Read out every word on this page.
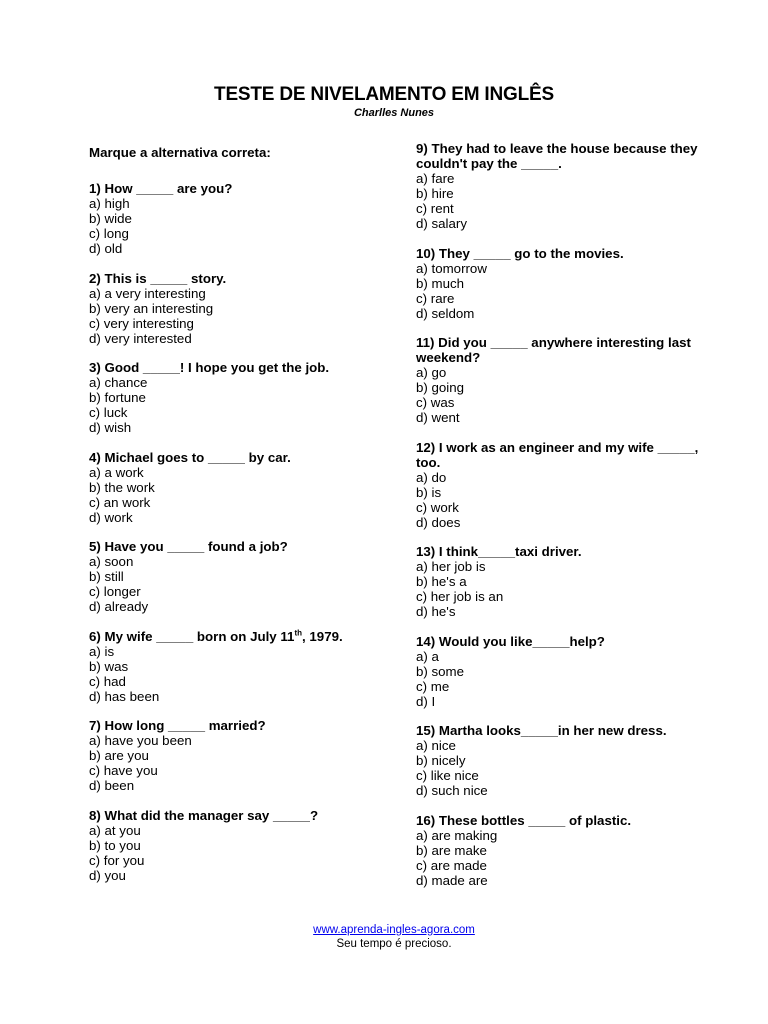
TESTE DE NIVELAMENTO EM INGLÊS

Charlles Nunes

Marque a alternativa correta:

1) How _____ are you?

a) high

b) wide

c) long

d) old

2) This is _____ story.

a) a very interesting

b) very an interesting

c) very interesting

d) very interested

3) Good _____! I hope you get the job.

a) chance

b) fortune

c) luck

d) wish

4) Michael goes to _____ by car.

a) a work

b) the work

c) an work

d) work

5) Have you _____ found a job?

a) soon

b) still

c) longer

d) already

6) My wife _____ born on July 11th, 1979.

a) is

b) was

c) had

d) has been

7) How long _____ married?

a) have you been

b) are you

c) have you

d) been

8) What did the manager say _____?

a) at you

b) to you

c) for you

d) you

9) They had to leave the house because they couldn't pay the _____.

a) fare

b) hire

c) rent

d) salary

10) They _____ go to the movies.

a) tomorrow

b) much

c) rare

d) seldom

11) Did you _____ anywhere interesting last weekend?

a) go

b) going

c) was

d) went

12) I work as an engineer and my wife _____, too.

a) do

b) is

c) work

d) does

13) I think_____taxi driver.

a) her job is

b) he's a

c) her job is an

d) he's

14) Would you like_____help?

a) a

b) some

c) me

d) I

15) Martha looks_____in her new dress.

a) nice

b) nicely

c) like nice

d) such nice

16) These bottles _____ of plastic.

a) are making

b) are make

c) are made

d) made are

www.aprenda-ingles-agora.com
Seu tempo é precioso.
